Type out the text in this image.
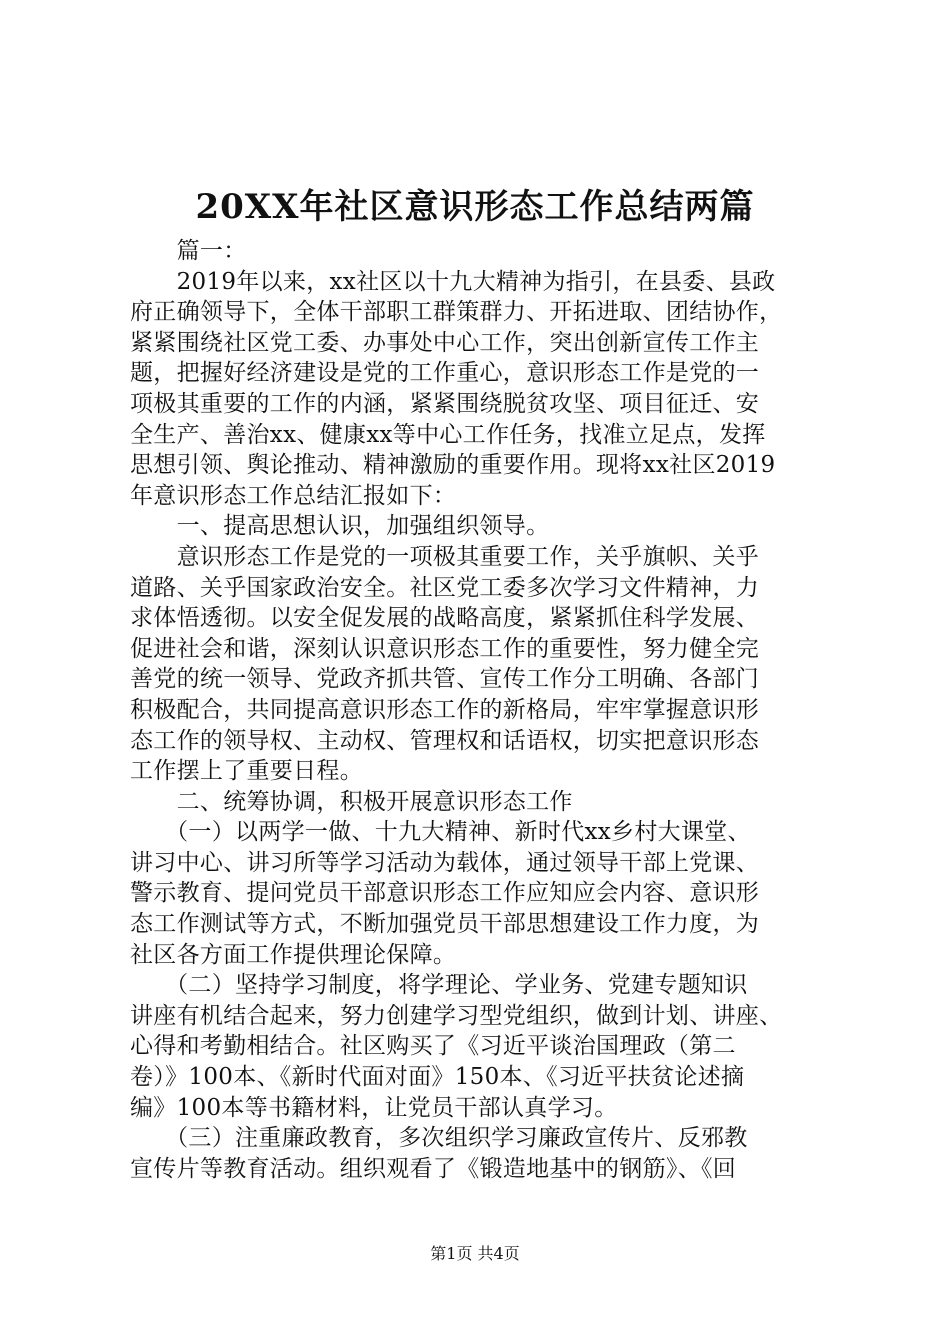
20XX年社区意识形态工作总结两篇
　　篇一：
　　2019年以来，xx社区以十九大精神为指引，在县委、县政
府正确领导下，全体干部职工群策群力、开拓进取、团结协作，
紧紧围绕社区党工委、办事处中心工作，突出创新宣传工作主
题，把握好经济建设是党的工作重心，意识形态工作是党的一
项极其重要的工作的内涵，紧紧围绕脱贫攻坚、项目征迁、安
全生产、善治xx、健康xx等中心工作任务，找准立足点，发挥
思想引领、舆论推动、精神激励的重要作用。现将xx社区2019
年意识形态工作总结汇报如下：
　　一、提高思想认识，加强组织领导。
　　意识形态工作是党的一项极其重要工作，关乎旗帜、关乎
道路、关乎国家政治安全。社区党工委多次学习文件精神，力
求体悟透彻。以安全促发展的战略高度，紧紧抓住科学发展、
促进社会和谐，深刻认识意识形态工作的重要性，努力健全完
善党的统一领导、党政齐抓共管、宣传工作分工明确、各部门
积极配合，共同提高意识形态工作的新格局，牢牢掌握意识形
态工作的领导权、主动权、管理权和话语权，切实把意识形态
工作摆上了重要日程。
　　二、统筹协调，积极开展意识形态工作
　　（一）以两学一做、十九大精神、新时代xx乡村大课堂、
讲习中心、讲习所等学习活动为载体，通过领导干部上党课、
警示教育、提问党员干部意识形态工作应知应会内容、意识形
态工作测试等方式，不断加强党员干部思想建设工作力度，为
社区各方面工作提供理论保障。
　　（二）坚持学习制度，将学理论、学业务、党建专题知识
讲座有机结合起来，努力创建学习型党组织，做到计划、讲座、
心得和考勤相结合。社区购买了《习近平谈治国理政（第二
卷）》100本、《新时代面对面》150本、《习近平扶贫论述摘
编》100本等书籍材料，让党员干部认真学习。
　　（三）注重廉政教育，多次组织学习廉政宣传片、反邪教
宣传片等教育活动。组织观看了《锻造地基中的钢筋》、《回
第1页 共4页
